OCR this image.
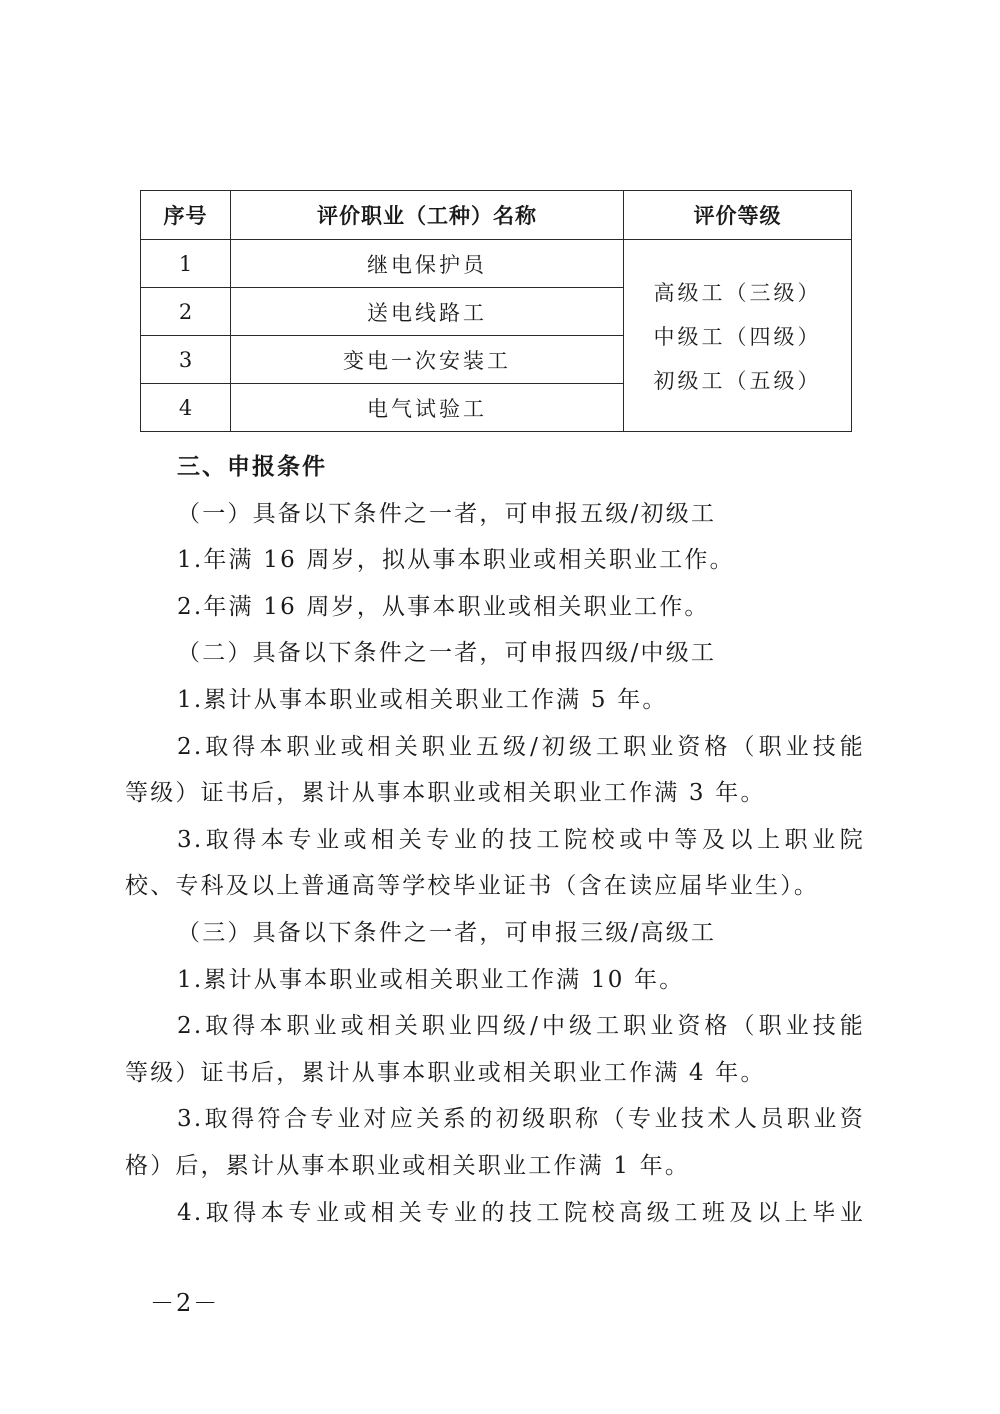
序号	评价职业（工种）名称	评价等级
1	继电保护员	高级工（三级）
中级工（四级）
初级工（五级）

2	送电线路工	
3	变电一次安装工	
4	电气试验工	

三、申报条件

（一）具备以下条件之一者，可申报五级/初级工

1.年满 16 周岁，拟从事本职业或相关职业工作。

2.年满 16 周岁，从事本职业或相关职业工作。

（二）具备以下条件之一者，可申报四级/中级工

1.累计从事本职业或相关职业工作满 5 年。

2.取得本职业或相关职业五级/初级工职业资格（职业技能

等级）证书后，累计从事本职业或相关职业工作满 3 年。

3.取得本专业或相关专业的技工院校或中等及以上职业院

校、专科及以上普通高等学校毕业证书（含在读应届毕业生）。

（三）具备以下条件之一者，可申报三级/高级工

1.累计从事本职业或相关职业工作满 10 年。

2.取得本职业或相关职业四级/中级工职业资格（职业技能

等级）证书后，累计从事本职业或相关职业工作满 4 年。

3.取得符合专业对应关系的初级职称（专业技术人员职业资

格）后，累计从事本职业或相关职业工作满 1 年。

4.取得本专业或相关专业的技工院校高级工班及以上毕业

－2－
